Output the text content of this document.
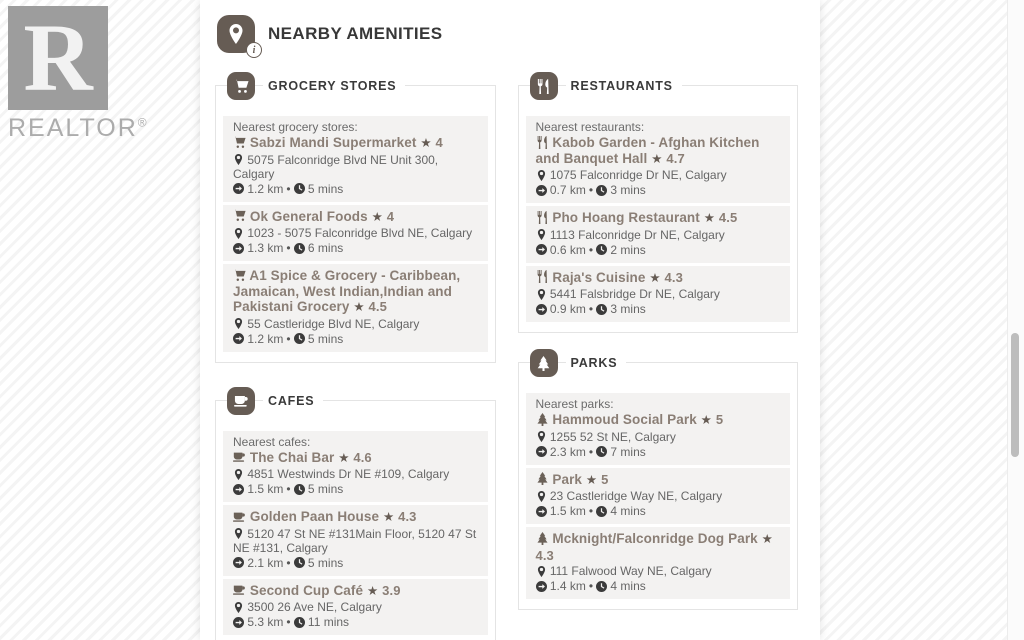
R
REALTOR®
i
NEARBY AMENITIES
GROCERY STORES
Nearest grocery stores:
Sabzi Mandi Supermarket ★ 4
5075 Falconridge Blvd NE Unit 300, Calgary
1.2 km • 5 mins
Ok General Foods ★ 4
1023 - 5075 Falconridge Blvd NE, Calgary
1.3 km • 6 mins
A1 Spice & Grocery - Caribbean, Jamaican, West Indian,Indian and Pakistani Grocery ★ 4.5
55 Castleridge Blvd NE, Calgary
1.2 km • 5 mins
CAFES
Nearest cafes:
The Chai Bar ★ 4.6
4851 Westwinds Dr NE #109, Calgary
1.5 km • 5 mins
Golden Paan House ★ 4.3
5120 47 St NE #131Main Floor, 5120 47 St NE #131, Calgary
2.1 km • 5 mins
Second Cup Café ★ 3.9
3500 26 Ave NE, Calgary
5.3 km • 11 mins
RESTAURANTS
Nearest restaurants:
Kabob Garden - Afghan Kitchen and Banquet Hall ★ 4.7
1075 Falconridge Dr NE, Calgary
0.7 km • 3 mins
Pho Hoang Restaurant ★ 4.5
1113 Falconridge Dr NE, Calgary
0.6 km • 2 mins
Raja's Cuisine ★ 4.3
5441 Falsbridge Dr NE, Calgary
0.9 km • 3 mins
PARKS
Nearest parks:
Hammoud Social Park ★ 5
1255 52 St NE, Calgary
2.3 km • 7 mins
Park ★ 5
23 Castleridge Way NE, Calgary
1.5 km • 4 mins
Mcknight/Falconridge Dog Park ★ 4.3
111 Falwood Way NE, Calgary
1.4 km • 4 mins
